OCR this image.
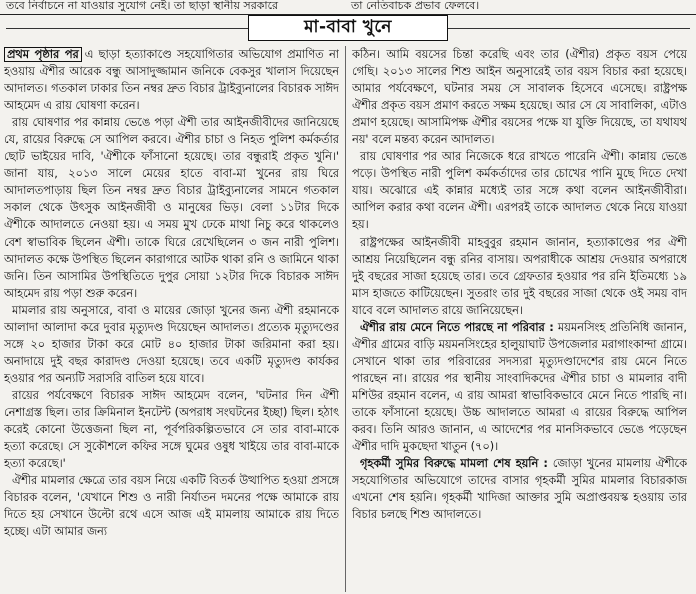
তবে নির্বাচনে না যাওয়ার সুযোগ নেই। তা ছাড়া স্থানীয় সরকারে	তা নেতিবাচক প্রভাব ফেলবে।
মা-বাবা খুনে

প্রথম পৃষ্ঠার পর এ ছাড়া হত্যাকাণ্ডে সহযোগিতার অভিযোগ প্রমাণিত না হওয়ায় ঐশীর আরেক বন্ধু আসাদুজ্জামান জনিকে বেকসুর খালাস দিয়েছেন আদালত। গতকাল ঢাকার তিন নম্বর দ্রুত বিচার ট্রাইব্যুনালের বিচারক সাঈদ আহমেদ এ রায় ঘোষণা করেন।

রায় ঘোষণার পর কান্নায় ভেঙে পড়া ঐশী তার আইনজীবীদের জানিয়েছে যে, রায়ের বিরুদ্ধে সে আপিল করবে। ঐশীর চাচা ও নিহত পুলিশ কর্মকর্তার ছোট ভাইয়ের দাবি, 'ঐশীকে ফাঁসানো হয়েছে। তার বন্ধুরাই প্রকৃত খুনি।' জানা যায়, ২০১৩ সালে মেয়ের হাতে বাবা-মা খুনের রায় ঘিরে আদালতপাড়ায় ছিল তিন নম্বর দ্রুত বিচার ট্রাইব্যুনালের সামনে গতকাল সকাল থেকে উৎসুক আইনজীবী ও মানুষের ভিড়। বেলা ১১টার দিকে ঐশীকে আদালতে নেওয়া হয়। এ সময় মুখ ঢেকে মাথা নিচু করে থাকলেও বেশ স্বাভাবিক ছিলেন ঐশী। তাকে ঘিরে রেখেছিলেন ৩ জন নারী পুলিশ। আদালত কক্ষে উপস্থিত ছিলেন কারাগারে আটক থাকা রনি ও জামিনে থাকা জনি। তিন আসামির উপস্থিতিতে দুপুর সোয়া ১২টার দিকে বিচারক সাঈদ আহমেদ রায় পড়া শুরু করেন।

মামলার রায় অনুসারে, বাবা ও মায়ের জোড়া খুনের জন্য ঐশী রহমানকে আলাদা আলাদা করে দুবার মৃত্যুদণ্ড দিয়েছেন আদালত। প্রত্যেক মৃত্যুদণ্ডের সঙ্গে ২০ হাজার টাকা করে মোট ৪০ হাজার টাকা জরিমানা করা হয়। অনাদায়ে দুই বছর কারাদণ্ড দেওয়া হয়েছে। তবে একটি মৃত্যুদণ্ড কার্যকর হওয়ার পর অন্যটি সরাসরি বাতিল হয়ে যাবে।

রায়ের পর্যবেক্ষণে বিচারক সাঈদ আহমেদ বলেন, 'ঘটনার দিন ঐশী নেশাগ্রস্ত ছিল। তার ক্রিমিনাল ইনটেন্ট (অপরাধ সংঘটনের ইচ্ছা) ছিল। হঠাৎ করেই কোনো উত্তেজনা ছিল না, পূর্বপরিকল্পিতভাবে সে তার বাবা-মাকে হত্যা করেছে। সে সুকৌশলে কফির সঙ্গে ঘুমের ওষুধ খাইয়ে তার বাবা-মাকে হত্যা করেছে।'

ঐশীর মামলার ক্ষেত্রে তার বয়স নিয়ে একটি বিতর্ক উত্থাপিত হওয়া প্রসঙ্গে বিচারক বলেন, 'যেখানে শিশু ও নারী নির্যাতন দমনের পক্ষে আমাকে রায় দিতে হয় সেখানে উল্টো রথে এসে আজ এই মামলায় আমাকে রায় দিতে হচ্ছে। এটা আমার জন্য

কঠিন। আমি বয়সের চিন্তা করেছি এবং তার (ঐশীর) প্রকৃত বয়স পেয়ে গেছি। ২০১৩ সালের শিশু আইন অনুসারেই তার বয়স বিচার করা হয়েছে। আমার পর্যবেক্ষণে, ঘটনার সময় সে সাবালক হিসেবে এসেছে। রাষ্ট্রপক্ষ ঐশীর প্রকৃত বয়স প্রমাণ করতে সক্ষম হয়েছে। আর সে যে সাবালিকা, এটাও প্রমাণ হয়েছে। আসামিপক্ষ ঐশীর বয়সের পক্ষে যা যুক্তি দিয়েছে, তা যথাযথ নয়' বলে মন্তব্য করেন আদালত।

রায় ঘোষণার পর আর নিজেকে ধরে রাখতে পারেনি ঐশী। কান্নায় ভেঙে পড়ে। উপস্থিত নারী পুলিশ কর্মকর্তাদের তার চোখের পানি মুছে দিতে দেখা যায়। অঝোরে এই কান্নার মধ্যেই তার সঙ্গে কথা বলেন আইনজীবীরা। আপিল করার কথা বলেন ঐশী। এরপরই তাকে আদালত থেকে নিয়ে যাওয়া হয়।

রাষ্ট্রপক্ষের আইনজীবী মাহবুবুর রহমান জানান, হত্যাকাণ্ডের পর ঐশী আশ্রয় নিয়েছিলেন বন্ধু রনির বাসায়। অপরাধীকে আশ্রয় দেওয়ার অপরাধে দুই বছরের সাজা হয়েছে তার। তবে গ্রেফতার হওয়ার পর রনি ইতিমধ্যে ১৯ মাস হাজতে কাটিয়েছেন। সুতরাং তার দুই বছরের সাজা থেকে ওই সময় বাদ যাবে বলে আদালত রায়ে জানিয়েছেন।

ঐশীর রায় মেনে নিতে পারছে না পরিবার : ময়মনসিংহ প্রতিনিধি জানান, ঐশীর গ্রামের বাড়ি ময়মনসিংহের হালুয়াঘাট উপজেলার মরাগাংকান্দা গ্রামে। সেখানে থাকা তার পরিবারের সদস্যরা মৃত্যুদণ্ডাদেশের রায় মেনে নিতে পারছেন না। রায়ের পর স্থানীয় সাংবাদিকদের ঐশীর চাচা ও মামলার বাদী মশিউর রহমান বলেন, এ রায় আমরা স্বাভাবিকভাবে মেনে নিতে পারছি না। তাকে ফাঁসানো হয়েছে। উচ্চ আদালতে আমরা এ রায়ের বিরুদ্ধে আপিল করব। তিনি আরও জানান, এ আদেশের পর মানসিকভাবে ভেঙে পড়েছেন ঐশীর দাদি মুকছেদা খাতুন (৭০)।

গৃহকর্মী সুমির বিরুদ্ধে মামলা শেষ হয়নি : জোড়া খুনের মামলায় ঐশীকে সহযোগিতার অভিযোগে তাদের বাসার গৃহকর্মী সুমির মামলার বিচারকাজ এখনো শেষ হয়নি। গৃহকর্মী খাদিজা আক্তার সুমি অপ্রাপ্তবয়স্ক হওয়ায় তার বিচার চলছে শিশু আদালতে।
